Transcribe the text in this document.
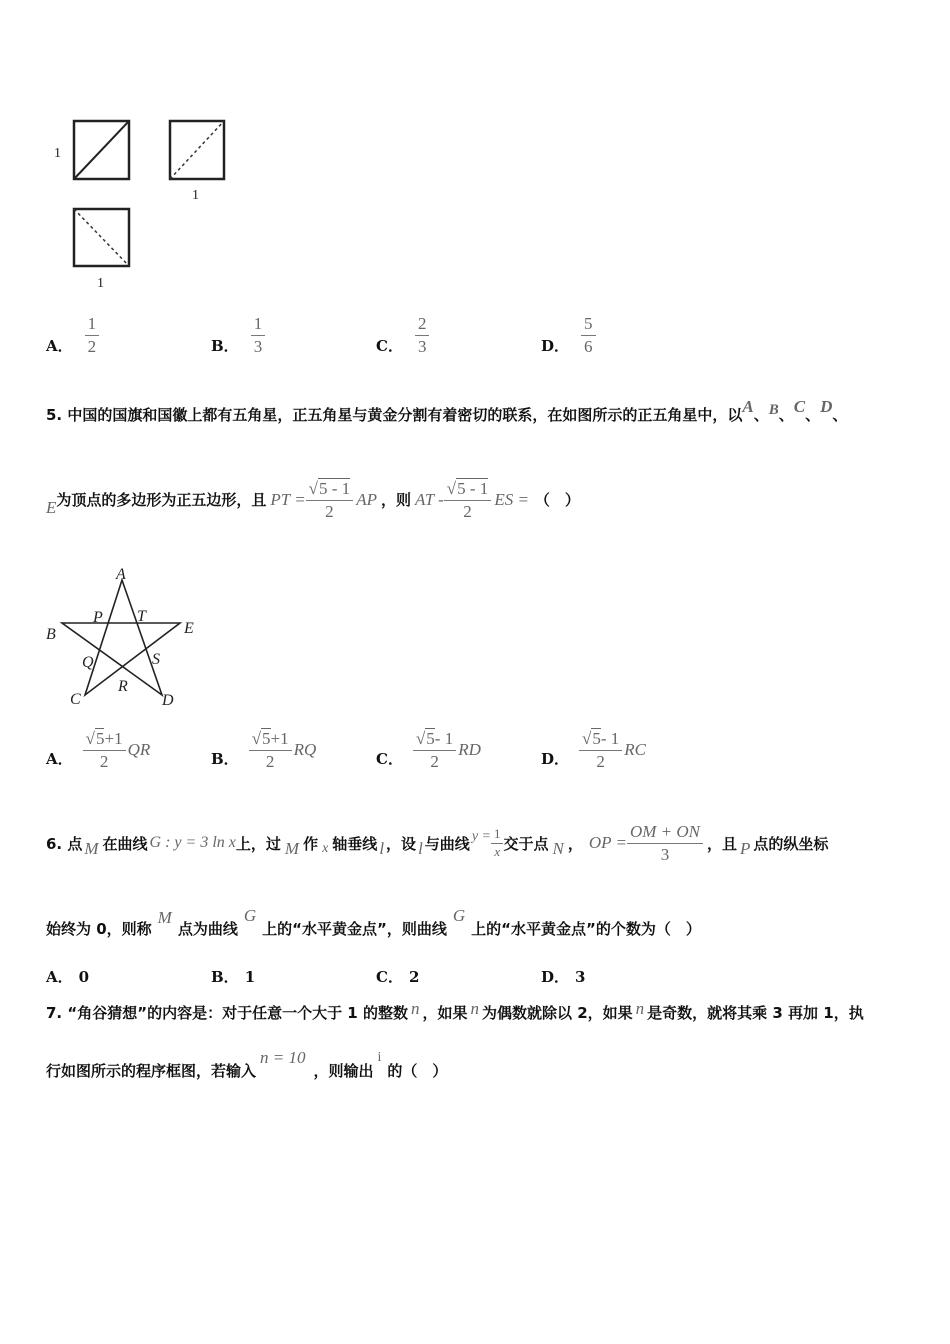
1
1
1
A． $\frac{1}{2}$	B． $\frac{1}{3}$	C． $\frac{2}{3}$	D． $\frac{5}{6}$
5. 中国的国旗和国徽上都有五角星，正五角星与黄金分割有着密切的联系，在如图所示的正五角星中，以A、B、C、D、
E 为顶点的多边形为正五边形，且 PT = $\frac{√5 - 1}{2}$ AP ，则 AT - $\frac{√5 - 1}{2}$ ES = （　）
A
B
C	D
E
P T
Q
R
S
A． $\frac{√5+1}{2}$ QR	B． $\frac{√5+1}{2}$ RQ	C． $\frac{√5- 1}{2}$ RD	D． $\frac{√5- 1}{2}$ RC
6. 点 M 在曲线 G : y = 3 ln x 上，过 M 作 x 轴垂线 l ，设 l 与曲线 $y = \frac{1}{x}$ 交于点 N ， OP = $\frac{OM + ON}{3}$ ，且 P 点的纵坐标
始终为 0，则称
M
点为曲线
G
上的“水平黄金点”，则曲线
G
上的“水平黄金点”的个数为（　）
A． 0	B． 1	C． 2	D． 3
7. “角谷猜想”的内容是：对于任意一个大于 1 的整数 n ，如果 n 为偶数就除以 2，如果 n 是奇数，就将其乘 3 再加 1，执
行如图所示的程序框图，若输入
n = 10
，则输出
i
的（　）
